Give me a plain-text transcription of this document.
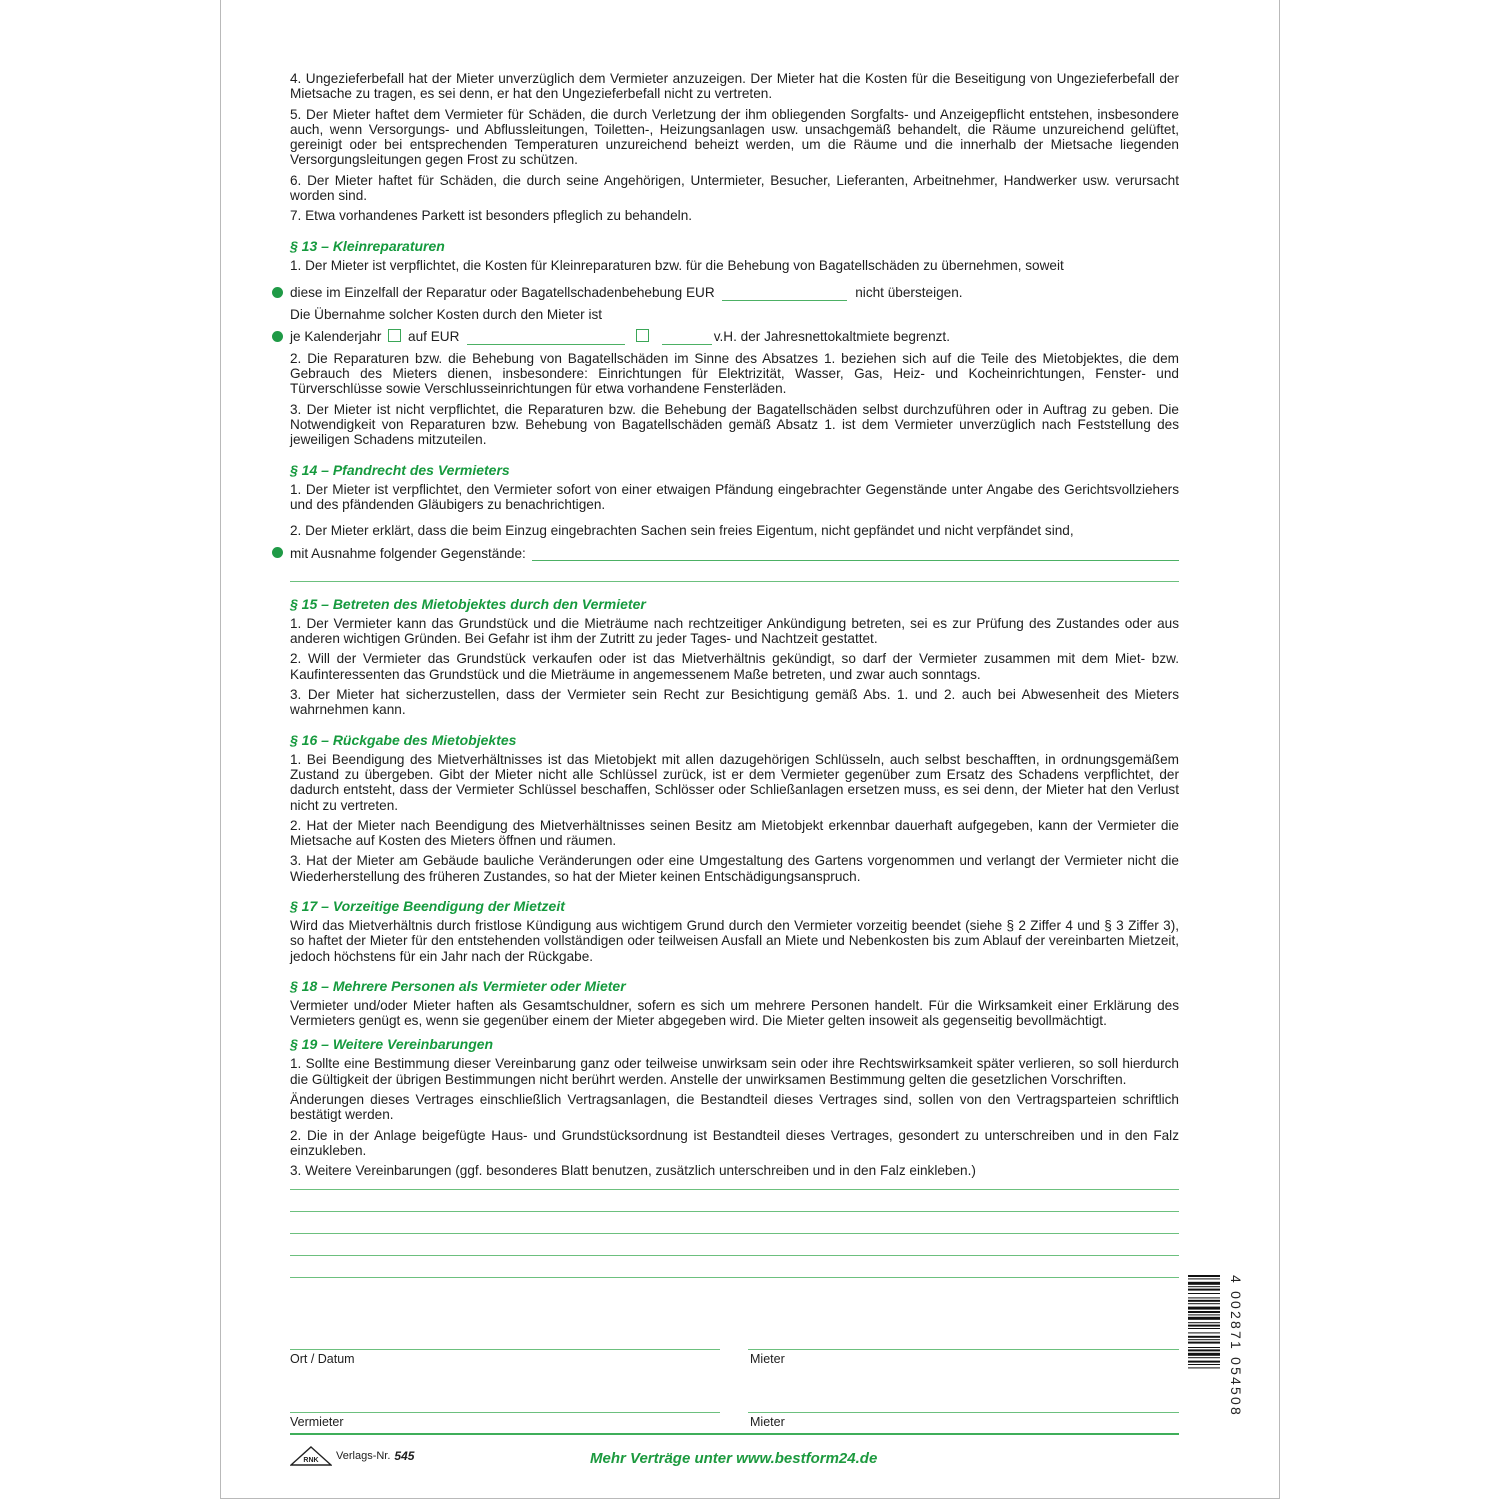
4. Ungezieferbefall hat der Mieter unverzüglich dem Vermieter anzuzeigen. Der Mieter hat die Kosten für die Beseitigung von Ungezieferbefall der Mietsache zu tragen, es sei denn, er hat den Ungezieferbefall nicht zu vertreten.

5. Der Mieter haftet dem Vermieter für Schäden, die durch Verletzung der ihm obliegenden Sorgfalts- und Anzeigepflicht entstehen, insbesondere auch, wenn Versorgungs- und Abflussleitungen, Toiletten-, Heizungsanlagen usw. unsachgemäß behandelt, die Räume unzureichend gelüftet, gereinigt oder bei entsprechenden Temperaturen unzureichend beheizt werden, um die Räume und die innerhalb der Mietsache liegenden Versorgungsleitungen gegen Frost zu schützen.

6. Der Mieter haftet für Schäden, die durch seine Angehörigen, Untermieter, Besucher, Lieferanten, Arbeitnehmer, Handwerker usw. verursacht worden sind.

7. Etwa vorhandenes Parkett ist besonders pfleglich zu behandeln.

§ 13 – Kleinreparaturen

1. Der Mieter ist verpflichtet, die Kosten für Kleinreparaturen bzw. für die Behebung von Bagatellschäden zu übernehmen, soweit

diese im Einzelfall der Reparatur oder Bagatellschadenbehebung EUR	nicht übersteigen.
Die Übernahme solcher Kosten durch den Mieter ist
je Kalenderjahr auf EUR	v.H. der Jahresnettokaltmiete begrenzt.

2. Die Reparaturen bzw. die Behebung von Bagatellschäden im Sinne des Absatzes 1. beziehen sich auf die Teile des Mietobjektes, die dem Gebrauch des Mieters dienen, insbesondere: Einrichtungen für Elektrizität, Wasser, Gas, Heiz- und Kocheinrichtungen, Fenster- und Türverschlüsse sowie Verschlusseinrichtungen für etwa vorhandene Fensterläden.

3. Der Mieter ist nicht verpflichtet, die Reparaturen bzw. die Behebung der Bagatellschäden selbst durchzuführen oder in Auftrag zu geben. Die Notwendigkeit von Reparaturen bzw. Behebung von Bagatellschäden gemäß Absatz 1. ist dem Vermieter unverzüglich nach Feststellung des jeweiligen Schadens mitzuteilen.

§ 14 – Pfandrecht des Vermieters

1. Der Mieter ist verpflichtet, den Vermieter sofort von einer etwaigen Pfändung eingebrachter Gegenstände unter Angabe des Gerichtsvollziehers und des pfändenden Gläubigers zu benachrichtigen.

2. Der Mieter erklärt, dass die beim Einzug eingebrachten Sachen sein freies Eigentum, nicht gepfändet und nicht verpfändet sind,

mit Ausnahme folgender Gegenstände:

§ 15 – Betreten des Mietobjektes durch den Vermieter

1. Der Vermieter kann das Grundstück und die Mieträume nach rechtzeitiger Ankündigung betreten, sei es zur Prüfung des Zustandes oder aus anderen wichtigen Gründen. Bei Gefahr ist ihm der Zutritt zu jeder Tages- und Nachtzeit gestattet.

2. Will der Vermieter das Grundstück verkaufen oder ist das Mietverhältnis gekündigt, so darf der Vermieter zusammen mit dem Miet- bzw. Kaufinteressenten das Grundstück und die Mieträume in angemessenem Maße betreten, und zwar auch sonntags.

3. Der Mieter hat sicherzustellen, dass der Vermieter sein Recht zur Besichtigung gemäß Abs. 1. und 2. auch bei Abwesenheit des Mieters wahrnehmen kann.

§ 16 – Rückgabe des Mietobjektes

1. Bei Beendigung des Mietverhältnisses ist das Mietobjekt mit allen dazugehörigen Schlüsseln, auch selbst beschafften, in ordnungsgemäßem Zustand zu übergeben. Gibt der Mieter nicht alle Schlüssel zurück, ist er dem Vermieter gegenüber zum Ersatz des Schadens verpflichtet, der dadurch entsteht, dass der Vermieter Schlüssel beschaffen, Schlösser oder Schließanlagen ersetzen muss, es sei denn, der Mieter hat den Verlust nicht zu vertreten.

2. Hat der Mieter nach Beendigung des Mietverhältnisses seinen Besitz am Mietobjekt erkennbar dauerhaft aufgegeben, kann der Vermieter die Mietsache auf Kosten des Mieters öffnen und räumen.

3. Hat der Mieter am Gebäude bauliche Veränderungen oder eine Umgestaltung des Gartens vorgenommen und verlangt der Vermieter nicht die Wiederherstellung des früheren Zustandes, so hat der Mieter keinen Entschädigungsanspruch.

§ 17 – Vorzeitige Beendigung der Mietzeit

Wird das Mietverhältnis durch fristlose Kündigung aus wichtigem Grund durch den Vermieter vorzeitig beendet (siehe § 2 Ziffer 4 und § 3 Ziffer 3), so haftet der Mieter für den entstehenden vollständigen oder teilweisen Ausfall an Miete und Nebenkosten bis zum Ablauf der vereinbarten Mietzeit, jedoch höchstens für ein Jahr nach der Rückgabe.

§ 18 – Mehrere Personen als Vermieter oder Mieter

Vermieter und/oder Mieter haften als Gesamtschuldner, sofern es sich um mehrere Personen handelt. Für die Wirksamkeit einer Erklärung des Vermieters genügt es, wenn sie gegenüber einem der Mieter abgegeben wird. Die Mieter gelten insoweit als gegenseitig bevollmächtigt.

§ 19 – Weitere Vereinbarungen

1. Sollte eine Bestimmung dieser Vereinbarung ganz oder teilweise unwirksam sein oder ihre Rechtswirksamkeit später verlieren, so soll hierdurch die Gültigkeit der übrigen Bestimmungen nicht berührt werden. Anstelle der unwirksamen Bestimmung gelten die gesetzlichen Vorschriften.

Änderungen dieses Vertrages einschließlich Vertragsanlagen, die Bestandteil dieses Vertrages sind, sollen von den Vertragsparteien schriftlich bestätigt werden.

2. Die in der Anlage beigefügte Haus- und Grundstücksordnung ist Bestandteil dieses Vertrages, gesondert zu unterschreiben und in den Falz einzukleben.

3. Weitere Vereinbarungen (ggf. besonderes Blatt benutzen, zusätzlich unterschreiben und in den Falz einkleben.)

Ort / Datum	Mieter
Vermieter	Mieter
RNK Verlags-Nr. 545	Mehr Verträge unter www.bestform24.de
4 002871 054508
